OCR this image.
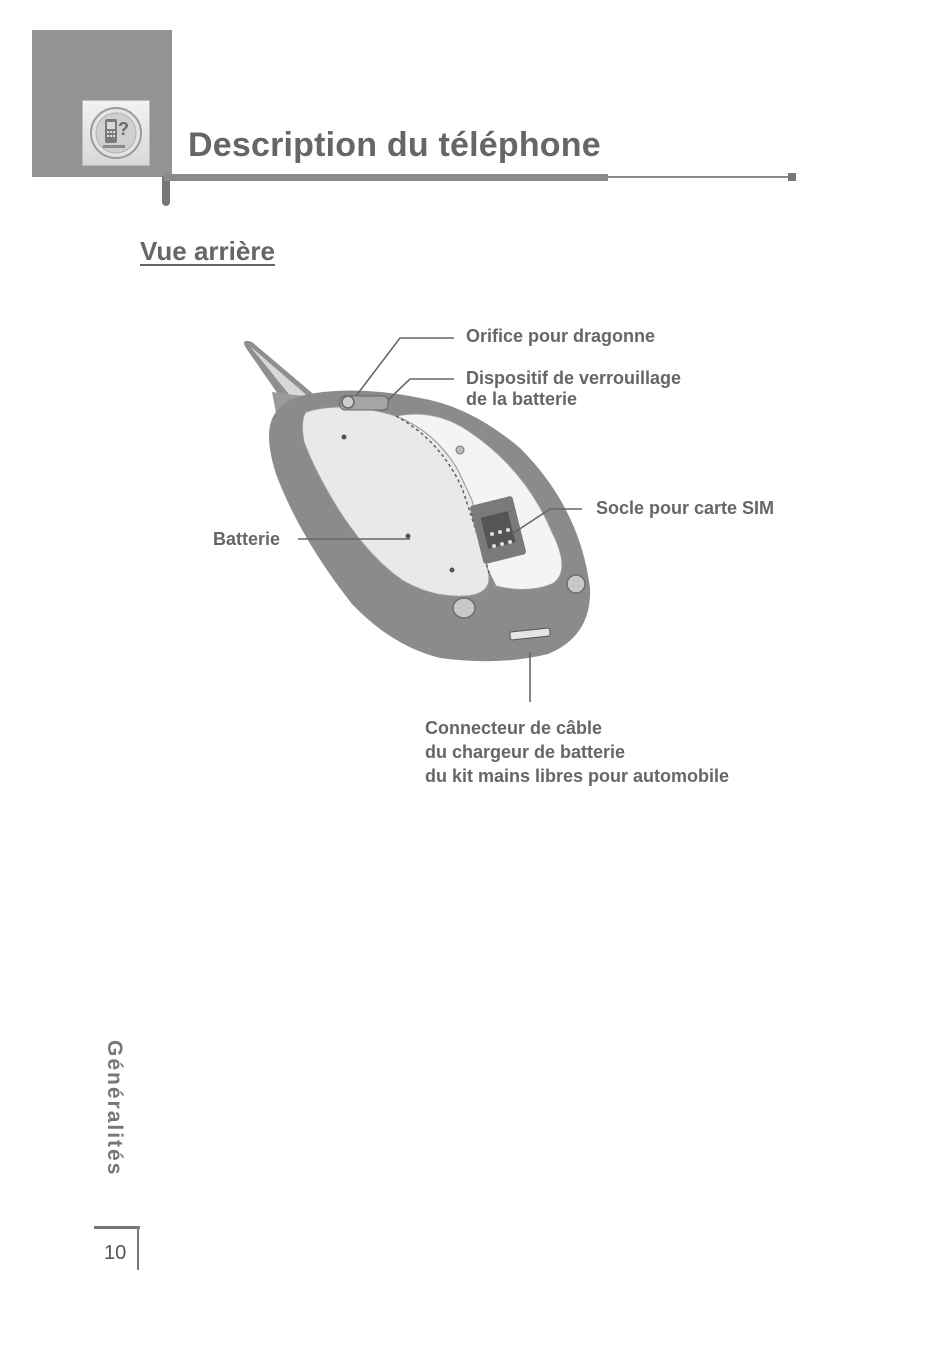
? Description du téléphone
Vue arrière
Orifice pour dragonne
Dispositif de verrouillage
de la batterie
Socle pour carte SIM
Batterie
Connecteur de câble
du chargeur de batterie
du kit mains libres pour automobile
Généralités
10
